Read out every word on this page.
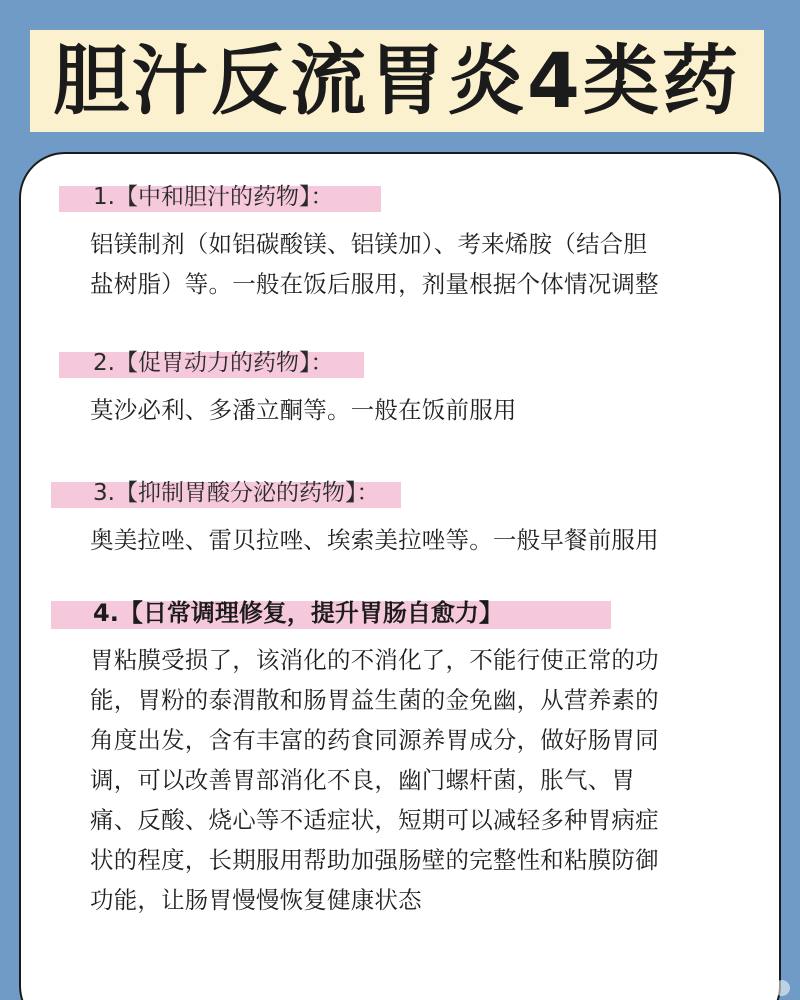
胆汁反流胃炎4类药
1.【中和胆汁的药物】：
铝镁制剂（如铝碳酸镁、铝镁加）、考来烯胺（结合胆
盐树脂）等。一般在饭后服用，剂量根据个体情况调整
2.【促胃动力的药物】：
莫沙必利、多潘立酮等。一般在饭前服用
3.【抑制胃酸分泌的药物】：
奥美拉唑、雷贝拉唑、埃索美拉唑等。一般早餐前服用
4.【日常调理修复，提升胃肠自愈力】
胃粘膜受损了，该消化的不消化了，不能行使正常的功
能，胃粉的泰渭散和肠胃益生菌的金免幽，从营养素的
角度出发，含有丰富的药食同源养胃成分，做好肠胃同
调，可以改善胃部消化不良，幽门螺杆菌，胀气、胃
痛、反酸、烧心等不适症状，短期可以减轻多种胃病症
状的程度，长期服用帮助加强肠壁的完整性和粘膜防御
功能，让肠胃慢慢恢复健康状态
